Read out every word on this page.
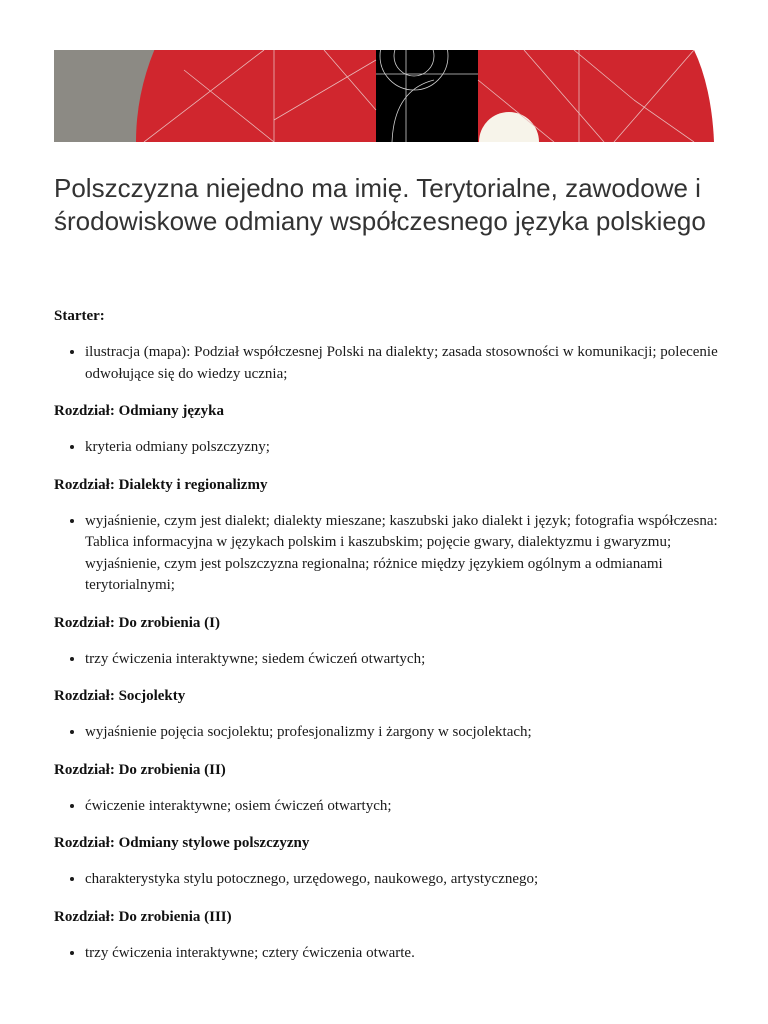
Polszczyzna niejedno ma imię. Terytorialne, zawodowe i środowiskowe odmiany współczesnego języka polskiego

Starter:

• ilustracja (mapa): Podział współczesnej Polski na dialekty; zasada stosowności w komunikacji; polecenie odwołujące się do wiedzy ucznia;

Rozdział: Odmiany języka

• kryteria odmiany polszczyzny;

Rozdział: Dialekty i regionalizmy

• wyjaśnienie, czym jest dialekt; dialekty mieszane; kaszubski jako dialekt i język; fotografia współczesna: Tablica informacyjna w językach polskim i kaszubskim; pojęcie gwary, dialektyzmu i gwaryzmu; wyjaśnienie, czym jest polszczyzna regionalna; różnice między językiem ogólnym a odmianami terytorialnymi;

Rozdział: Do zrobienia (I)

• trzy ćwiczenia interaktywne; siedem ćwiczeń otwartych;

Rozdział: Socjolekty

• wyjaśnienie pojęcia socjolektu; profesjonalizmy i żargony w socjolektach;

Rozdział: Do zrobienia (II)

• ćwiczenie interaktywne; osiem ćwiczeń otwartych;

Rozdział: Odmiany stylowe polszczyzny

• charakterystyka stylu potocznego, urzędowego, naukowego, artystycznego;

Rozdział: Do zrobienia (III)

• trzy ćwiczenia interaktywne; cztery ćwiczenia otwarte.
